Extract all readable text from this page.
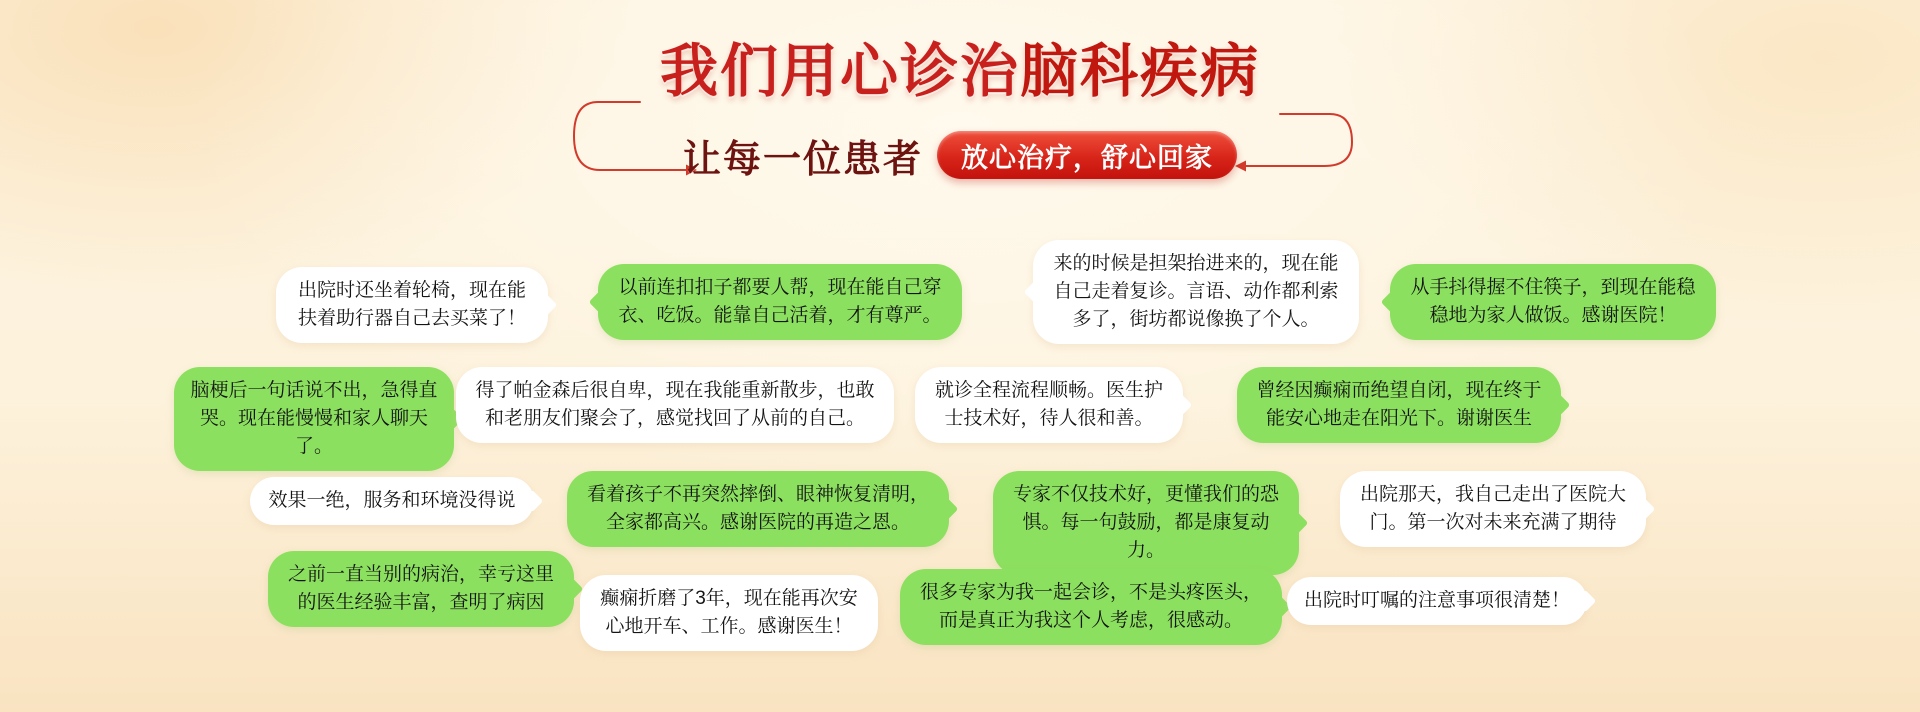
我们用心诊治脑科疾病
让每一位患者	放心治疗，舒心回家
出院时还坐着轮椅，现在能扶着助行器自己去买菜了！
以前连扣扣子都要人帮，现在能自己穿衣、吃饭。能靠自己活着，才有尊严。
来的时候是担架抬进来的，现在能自己走着复诊。言语、动作都利索多了，街坊都说像换了个人。
从手抖得握不住筷子，到现在能稳稳地为家人做饭。感谢医院！
脑梗后一句话说不出，急得直哭。现在能慢慢和家人聊天了。
得了帕金森后很自卑，现在我能重新散步，也敢和老朋友们聚会了，感觉找回了从前的自己。
就诊全程流程顺畅。医生护士技术好，待人很和善。
曾经因癫痫而绝望自闭，现在终于能安心地走在阳光下。谢谢医生
效果一绝，服务和环境没得说	看着孩子不再突然摔倒、眼神恢复清明，全家都高兴。感谢医院的再造之恩。
专家不仅技术好，更懂我们的恐惧。每一句鼓励，都是康复动力。
出院那天，我自己走出了医院大门。第一次对未来充满了期待
之前一直当别的病治，幸亏这里的医生经验丰富，查明了病因	癫痫折磨了3年，现在能再次安心地开车、工作。感谢医生！
很多专家为我一起会诊，不是头疼医头，而是真正为我这个人考虑，很感动。
出院时叮嘱的注意事项很清楚！
